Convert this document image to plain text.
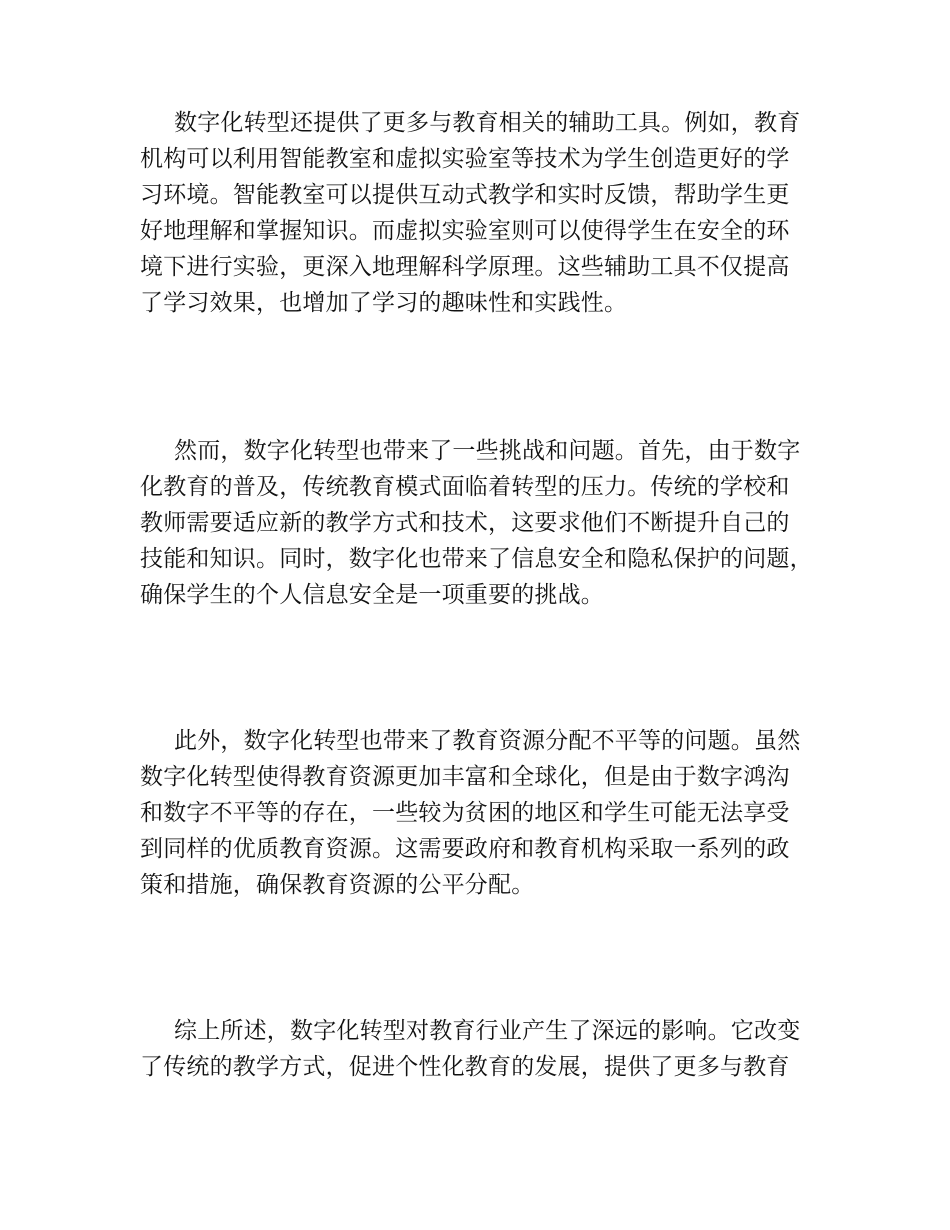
数字化转型还提供了更多与教育相关的辅助工具。例如，教育
机构可以利用智能教室和虚拟实验室等技术为学生创造更好的学
习环境。智能教室可以提供互动式教学和实时反馈，帮助学生更
好地理解和掌握知识。而虚拟实验室则可以使得学生在安全的环
境下进行实验，更深入地理解科学原理。这些辅助工具不仅提高
了学习效果，也增加了学习的趣味性和实践性。
然而，数字化转型也带来了一些挑战和问题。首先，由于数字
化教育的普及，传统教育模式面临着转型的压力。传统的学校和
教师需要适应新的教学方式和技术，这要求他们不断提升自己的
技能和知识。同时，数字化也带来了信息安全和隐私保护的问题，
确保学生的个人信息安全是一项重要的挑战。
此外，数字化转型也带来了教育资源分配不平等的问题。虽然
数字化转型使得教育资源更加丰富和全球化，但是由于数字鸿沟
和数字不平等的存在，一些较为贫困的地区和学生可能无法享受
到同样的优质教育资源。这需要政府和教育机构采取一系列的政
策和措施，确保教育资源的公平分配。
综上所述，数字化转型对教育行业产生了深远的影响。它改变
了传统的教学方式，促进个性化教育的发展，提供了更多与教育
